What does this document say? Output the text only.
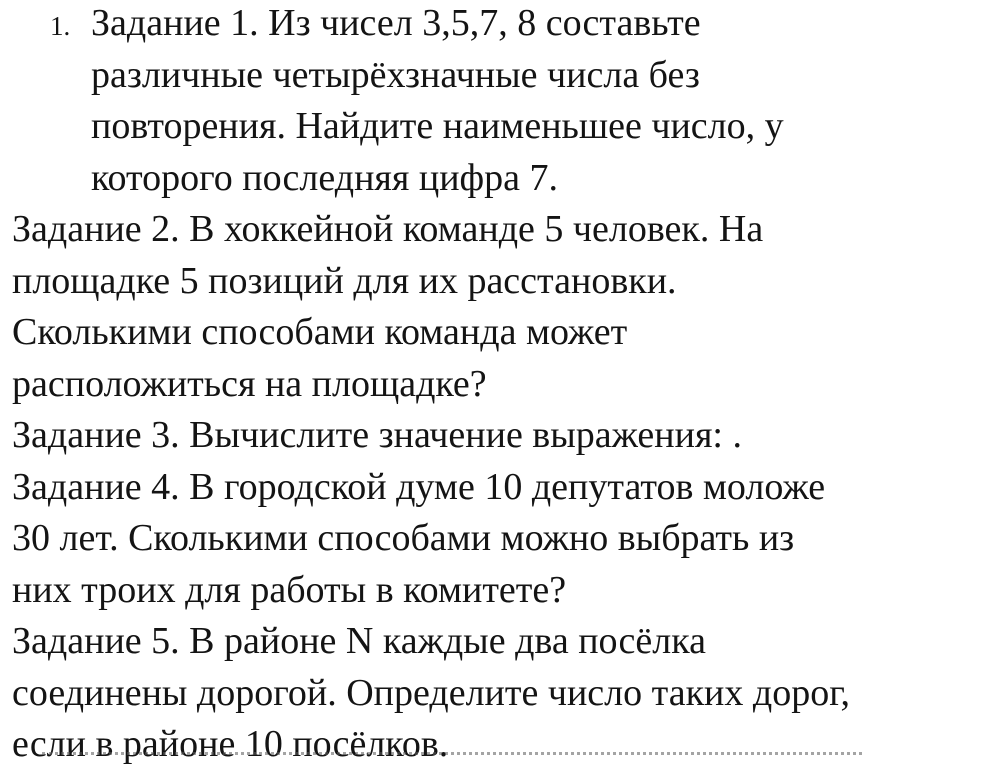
1. Задание 1. Из чисел 3,5,7, 8 составьте
различные четырёхзначные числа без
повторения. Найдите наименьшее число, у
которого последняя цифра 7.
Задание 2. В хоккейной команде 5 человек. На
площадке 5 позиций для их расстановки.
Сколькими способами команда может
расположиться на площадке?
Задание 3. Вычислите значение выражения: .
Задание 4. В городской думе 10 депутатов моложе
30 лет. Сколькими способами можно выбрать из
них троих для работы в комитете?
Задание 5. В районе N каждые два посёлка
соединены дорогой. Определите число таких дорог,
если в районе 10 посёлков.
